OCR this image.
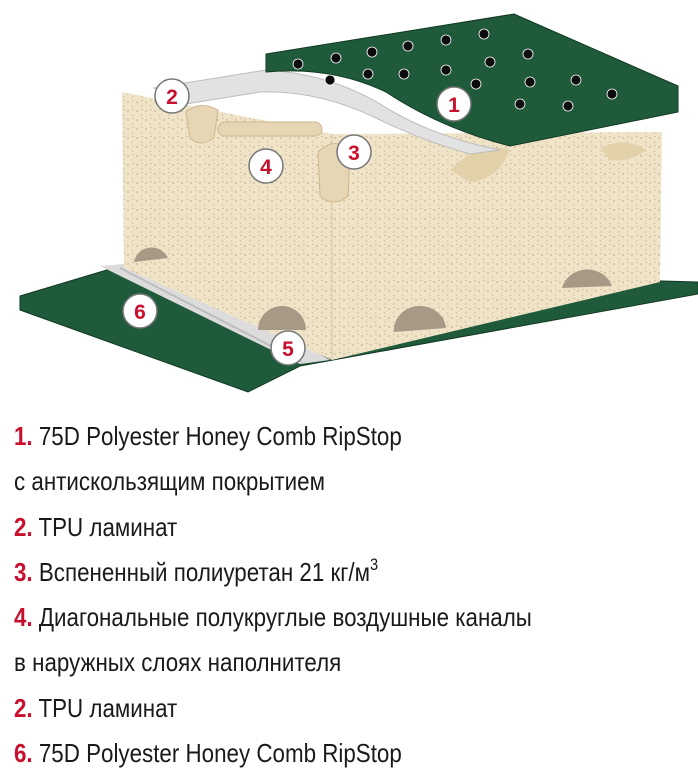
1
2
3
4
5
6
1. 75D Polyester Honey Comb RipStop
с антискользящим покрытием
2. TPU ламинат
3. Вспененный полиуретан 21 $кг/м^3$
4. Диагональные полукруглые воздушные каналы
в наружных слоях наполнителя
2. TPU ламинат
6. 75D Polyester Honey Comb RipStop
